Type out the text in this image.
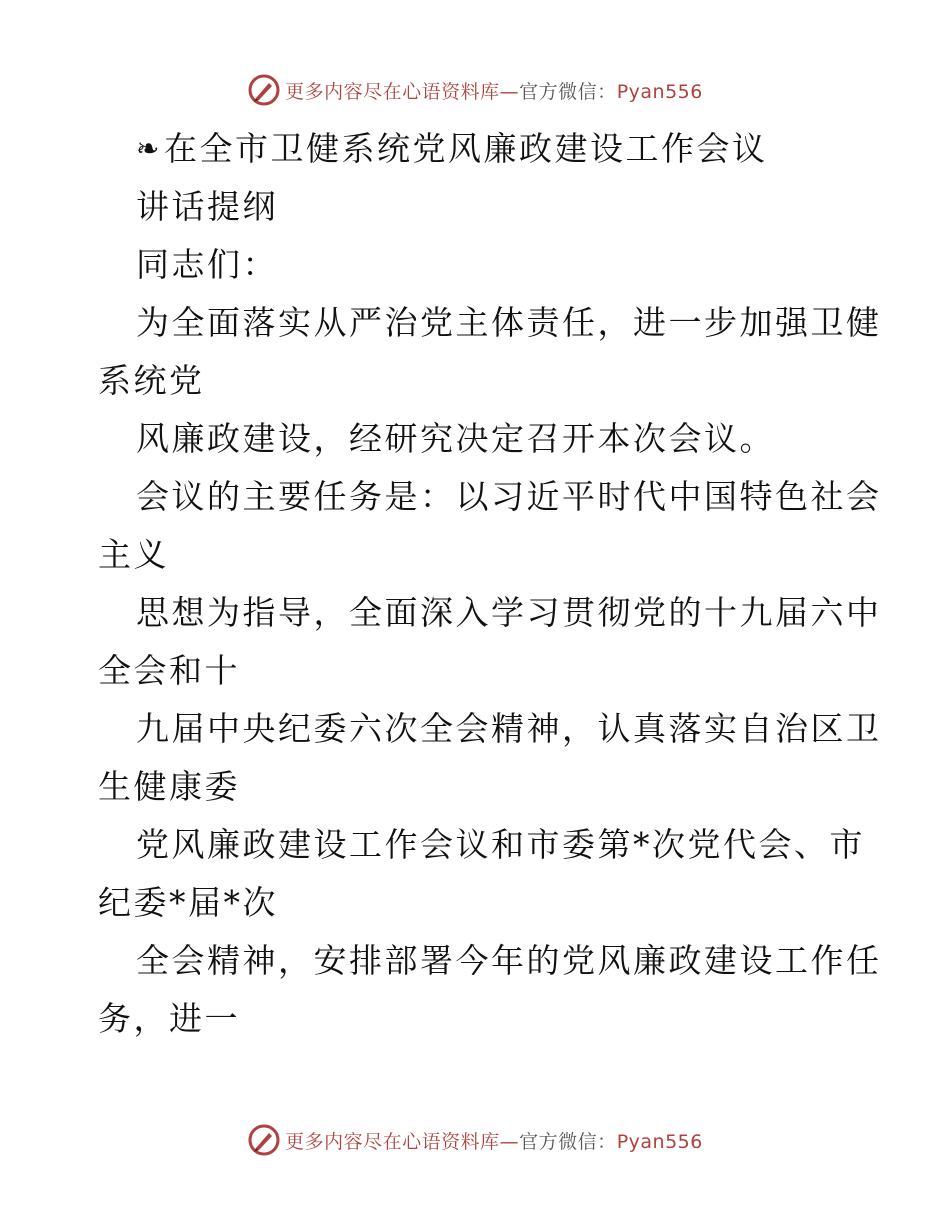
更多内容尽在心语资料库—官方微信：Pyan556
❧在全市卫健系统党风廉政建设工作会议
讲话提纲
同志们：
为全面落实从严治党主体责任，进一步加强卫健
系统党
风廉政建设，经研究决定召开本次会议。
会议的主要任务是：以习近平时代中国特色社会
主义
思想为指导，全面深入学习贯彻党的十九届六中
全会和十
九届中央纪委六次全会精神，认真落实自治区卫
生健康委
党风廉政建设工作会议和市委第*次党代会、市
纪委*届*次
全会精神，安排部署今年的党风廉政建设工作任
务，进一
更多内容尽在心语资料库—官方微信：Pyan556
